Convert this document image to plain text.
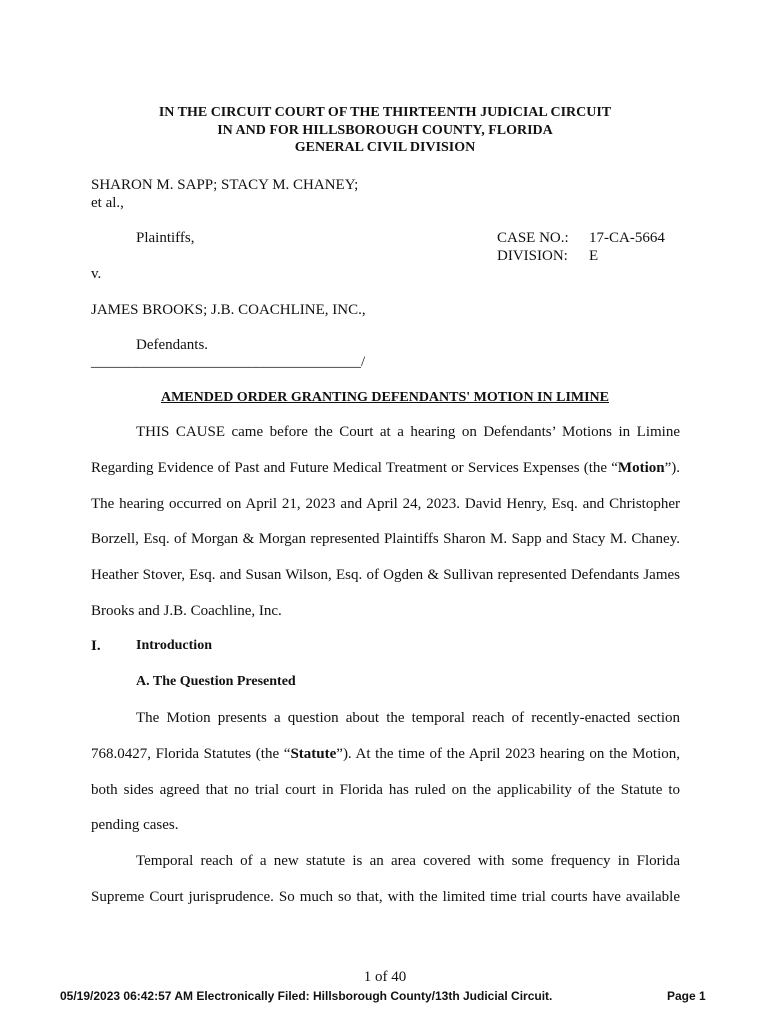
IN THE CIRCUIT COURT OF THE THIRTEENTH JUDICIAL CIRCUIT
IN AND FOR HILLSBOROUGH COUNTY, FLORIDA
GENERAL CIVIL DIVISION
SHARON M. SAPP; STACY M. CHANEY;
et al.,
Plaintiffs,	CASE NO.: 17-CA-5664
DIVISION: E
v.
JAMES BROOKS; J.B. COACHLINE, INC.,
Defendants.
____________________________________/
AMENDED ORDER GRANTING DEFENDANTS' MOTION IN LIMINE

THIS CAUSE came before the Court at a hearing on Defendants’ Motions in Limine Regarding Evidence of Past and Future Medical Treatment or Services Expenses (the “Motion”). The hearing occurred on April 21, 2023 and April 24, 2023. David Henry, Esq. and Christopher Borzell, Esq. of Morgan & Morgan represented Plaintiffs Sharon M. Sapp and Stacy M. Chaney. Heather Stover, Esq. and Susan Wilson, Esq. of Ogden & Sullivan represented Defendants James Brooks and J.B. Coachline, Inc.

I.	Introduction
A. The Question Presented

The Motion presents a question about the temporal reach of recently-enacted section 768.0427, Florida Statutes (the “Statute”). At the time of the April 2023 hearing on the Motion, both sides agreed that no trial court in Florida has ruled on the applicability of the Statute to pending cases.

Temporal reach of a new statute is an area covered with some frequency in Florida Supreme Court jurisprudence. So much so that, with the limited time trial courts have available

1 of 40
05/19/2023 06:42:57 AM Electronically Filed: Hillsborough County/13th Judicial Circuit.	Page 1
